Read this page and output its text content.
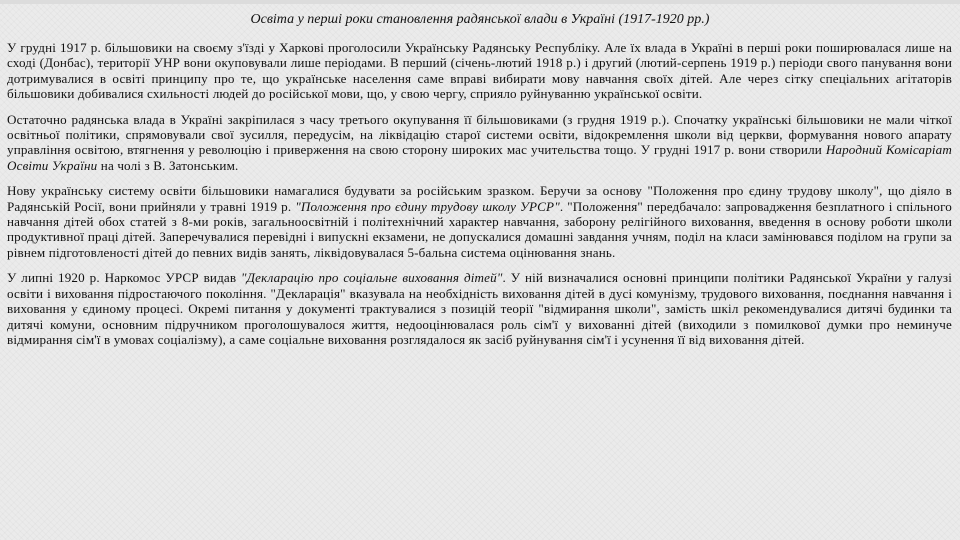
Освіта у перші роки становлення радянської влади в Україні (1917-1920 рр.)

У грудні 1917 р. більшовики на своєму з'їзді у Харкові проголосили Українську Радянську Республіку. Але їх влада в Україні в перші роки поширювалася лише на сході (Донбас), території УНР вони окуповували лише періодами. В перший (січень-лютий 1918 р.) і другий (лютий-серпень 1919 р.) періоди свого панування вони дотримувалися в освіті принципу про те, що українське населення саме вправі вибирати мову навчання своїх дітей. Але через сітку спеціальних агітаторів більшовики добивалися схильності людей до російської мови, що, у свою чергу, сприяло руйнуванню української освіти.

Остаточно радянська влада в Україні закріпилася з часу третього окупування її більшовиками (з грудня 1919 р.). Спочатку українські більшовики не мали чіткої освітньої політики, спрямовували свої зусилля, передусім, на ліквідацію старої системи освіти, відокремлення школи від церкви, формування нового апарату управління освітою, втягнення у революцію і приверження на свою сторону широких мас учительства тощо. У грудні 1917 р. вони створили Народний Комісаріат Освіти України на чолі з В. Затонським.

Нову українську систему освіти більшовики намагалися будувати за російським зразком. Беручи за основу "Положення про єдину трудову школу", що діяло в Радянській Росії, вони прийняли у травні 1919 р. "Положення про єдину трудову школу УРСР". "Положення" передбачало: запровадження безплатного і спільного навчання дітей обох статей з 8-ми років, загальноосвітній і політехнічний характер навчання, заборону релігійного виховання, введення в основу роботи школи продуктивної праці дітей. Заперечувалися перевідні і випускні екзамени, не допускалися домашні завдання учням, поділ на класи замінювався поділом на групи за рівнем підготовленості дітей до певних видів занять, ліквідовувалася 5-бальна система оцінювання знань.

У липні 1920 р. Наркомос УРСР видав "Декларацію про соціальне виховання дітей". У ній визначалися основні принципи політики Радянської України у галузі освіти і виховання підростаючого покоління. "Декларація" вказувала на необхідність виховання дітей в дусі комунізму, трудового виховання, поєднання навчання і виховання у єдиному процесі. Окремі питання у документі трактувалися з позицій теорії "відмирання школи", замість шкіл рекомендувалися дитячі будинки та дитячі комуни, основним підручником проголошувалося життя, недооцінювалася роль сім'ї у вихованні дітей (виходили з помилкової думки про неминуче відмирання сім'ї в умовах соціалізму), а саме соціальне виховання розглядалося як засіб руйнування сім'ї і усунення її від виховання дітей.
